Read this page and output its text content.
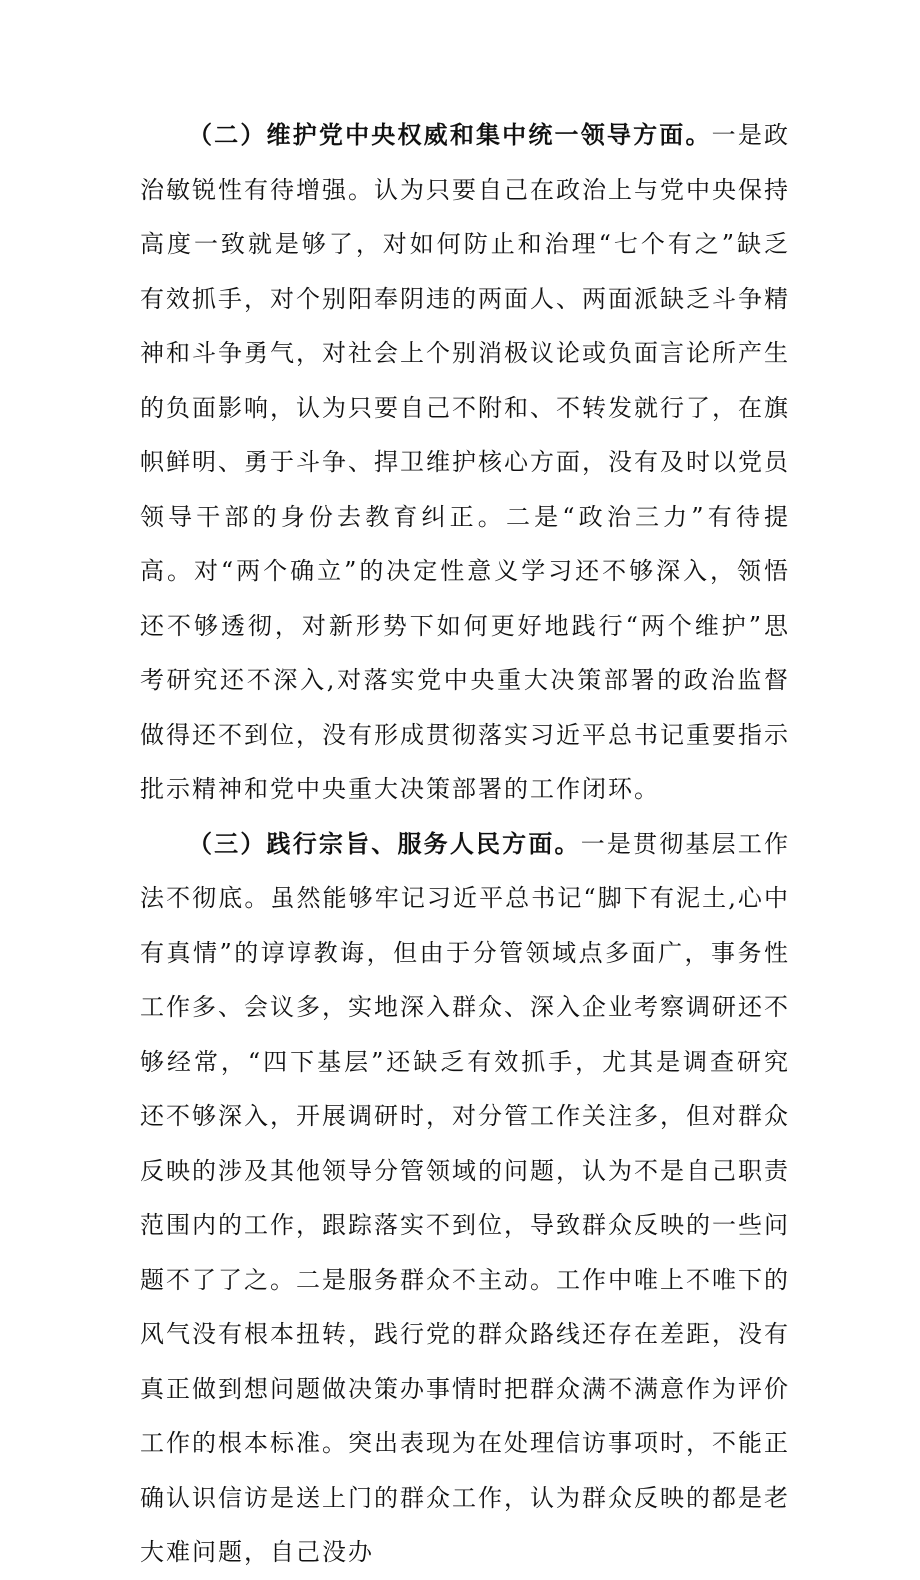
（二）维护党中央权威和集中统一领导方面。一是政治敏锐性有待增强。认为只要自己在政治上与党中央保持高度一致就是够了，对如何防止和治理“七个有之”缺乏有效抓手，对个别阳奉阴违的两面人、两面派缺乏斗争精神和斗争勇气，对社会上个别消极议论或负面言论所产生的负面影响，认为只要自己不附和、不转发就行了，在旗帜鲜明、勇于斗争、捍卫维护核心方面，没有及时以党员领导干部的身份去教育纠正。二是“政治三力”有待提高。对“两个确立”的决定性意义学习还不够深入，领悟还不够透彻，对新形势下如何更好地践行“两个维护”思考研究还不深入,对落实党中央重大决策部署的政治监督做得还不到位，没有形成贯彻落实习近平总书记重要指示批示精神和党中央重大决策部署的工作闭环。

（三）践行宗旨、服务人民方面。一是贯彻基层工作法不彻底。虽然能够牢记习近平总书记“脚下有泥土,心中有真情”的谆谆教诲，但由于分管领域点多面广，事务性工作多、会议多，实地深入群众、深入企业考察调研还不够经常，“四下基层”还缺乏有效抓手，尤其是调查研究还不够深入，开展调研时，对分管工作关注多，但对群众反映的涉及其他领导分管领域的问题，认为不是自己职责范围内的工作，跟踪落实不到位，导致群众反映的一些问题不了了之。二是服务群众不主动。工作中唯上不唯下的风气没有根本扭转，践行党的群众路线还存在差距，没有真正做到想问题做决策办事情时把群众满不满意作为评价工作的根本标准。突出表现为在处理信访事项时，不能正确认识信访是送上门的群众工作，认为群众反映的都是老大难问题，自己没办
